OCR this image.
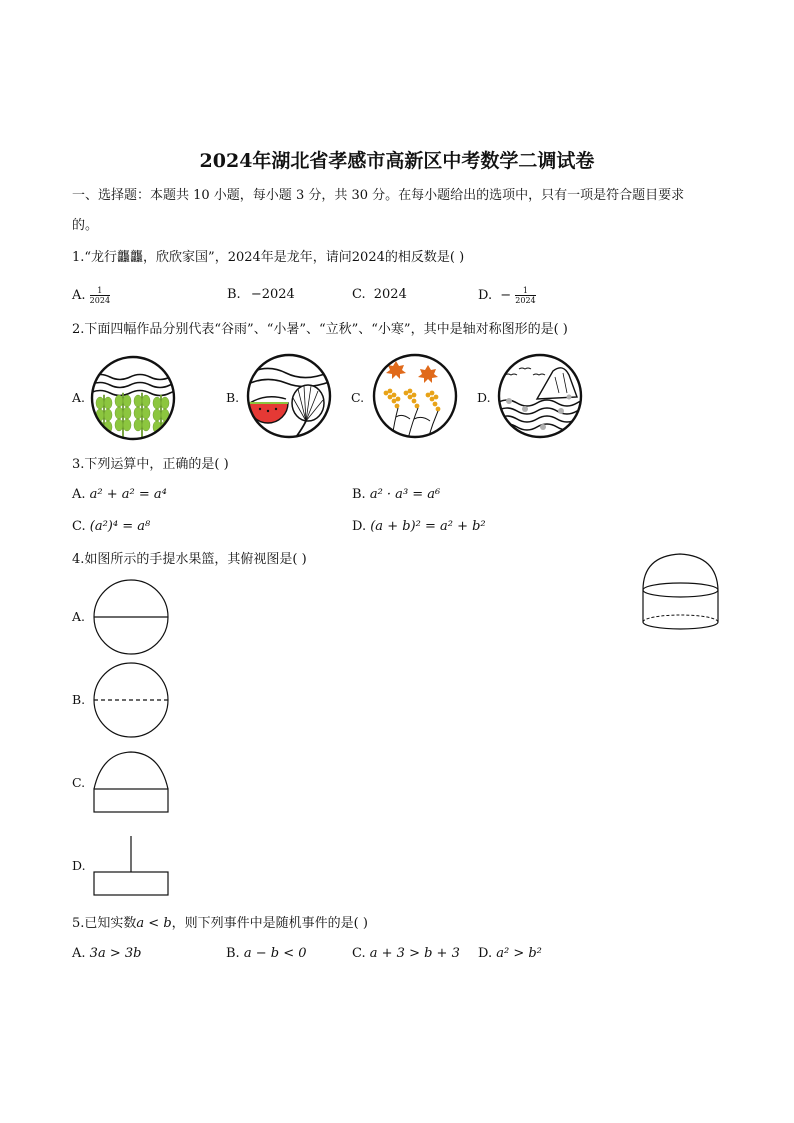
2024年湖北省孝感市高新区中考数学二调试卷
一、选择题：本题共 10 小题，每小题 3 分，共 30 分。在每小题给出的选项中，只有一项是符合题目要求
的。
1.“龙行龘龘，欣欣家国”，2024年是龙年，请问2024的相反数是( )
A. $\frac{1}{2024}$	B. −2024	C. 2024	D. − $\frac{1}{2024}$
2.下面四幅作品分别代表“谷雨”、“小暑”、“立秋”、“小寒”，其中是轴对称图形的是( )
A.	B.	C.	D.
3.下列运算中，正确的是( )
A. a² + a² = a⁴	B. a² · a³ = a⁶
C. (a²)⁴ = a⁸	D. (a + b)² = a² + b²
4.如图所示的手提水果篮，其俯视图是( )
A.
B.
C.
D.
5.已知实数a < b，则下列事件中是随机事件的是( )
A. 3a > 3b	B. a − b < 0	C. a + 3 > b + 3 D. a² > b²
